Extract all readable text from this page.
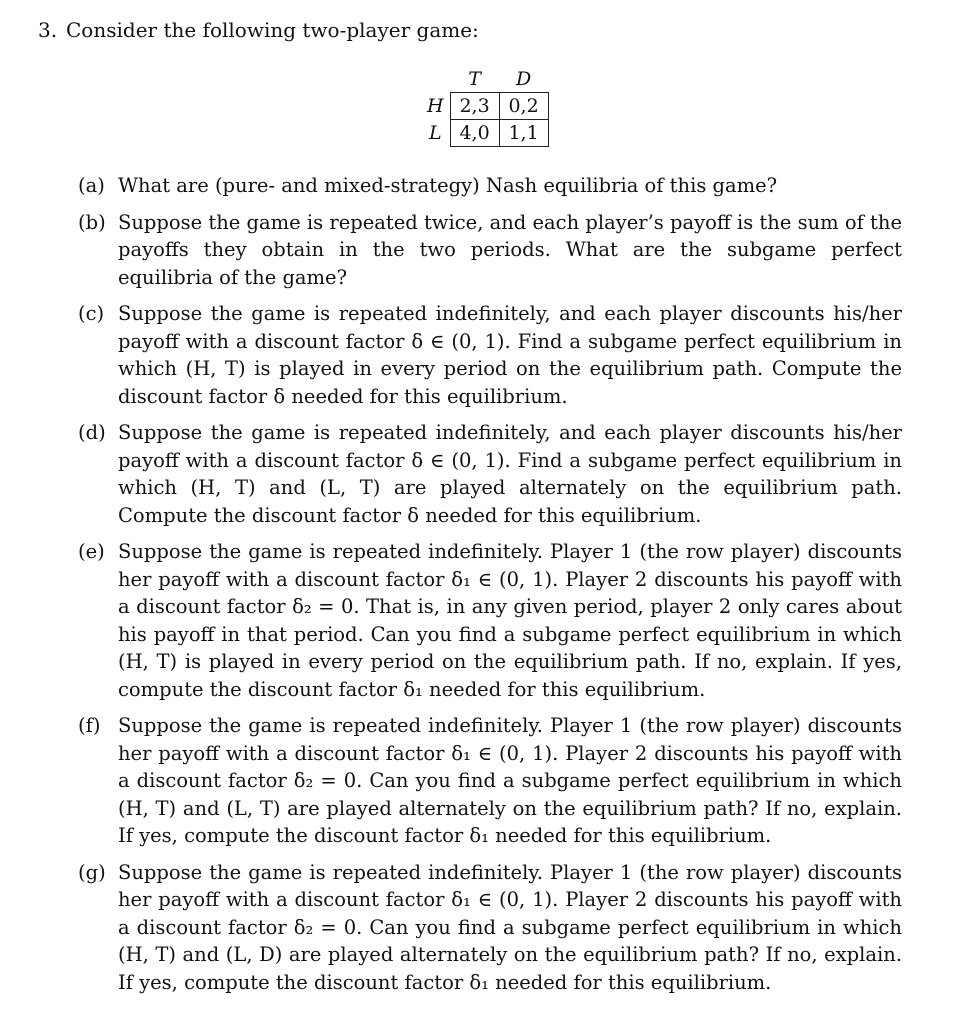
3. Consider the following two-player game:
	T	D
H	2,3	0,2
L	4,0	1,1
(a) What are (pure- and mixed-strategy) Nash equilibria of this game?
(b) Suppose the game is repeated twice, and each player’s payoff is the sum of the payoffs they obtain in the two periods. What are the subgame perfect equilibria of the game?
(c) Suppose the game is repeated indefinitely, and each player discounts his/her payoff with a discount factor δ ∈ (0, 1). Find a subgame perfect equilibrium in which (H, T) is played in every period on the equilibrium path. Compute the discount factor δ needed for this equilibrium.
(d) Suppose the game is repeated indefinitely, and each player discounts his/her payoff with a discount factor δ ∈ (0, 1). Find a subgame perfect equilibrium in which (H, T) and (L, T) are played alternately on the equilibrium path. Compute the discount factor δ needed for this equilibrium.
(e) Suppose the game is repeated indefinitely. Player 1 (the row player) discounts her payoff with a discount factor δ₁ ∈ (0, 1). Player 2 discounts his payoff with a discount factor δ₂ = 0. That is, in any given period, player 2 only cares about his payoff in that period. Can you find a subgame perfect equilibrium in which (H, T) is played in every period on the equilibrium path. If no, explain. If yes, compute the discount factor δ₁ needed for this equilibrium.
(f) Suppose the game is repeated indefinitely. Player 1 (the row player) discounts her payoff with a discount factor δ₁ ∈ (0, 1). Player 2 discounts his payoff with a discount factor δ₂ = 0. Can you find a subgame perfect equilibrium in which (H, T) and (L, T) are played alternately on the equilibrium path? If no, explain. If yes, compute the discount factor δ₁ needed for this equilibrium.
(g) Suppose the game is repeated indefinitely. Player 1 (the row player) discounts her payoff with a discount factor δ₁ ∈ (0, 1). Player 2 discounts his payoff with a discount factor δ₂ = 0. Can you find a subgame perfect equilibrium in which (H, T) and (L, D) are played alternately on the equilibrium path? If no, explain. If yes, compute the discount factor δ₁ needed for this equilibrium.
